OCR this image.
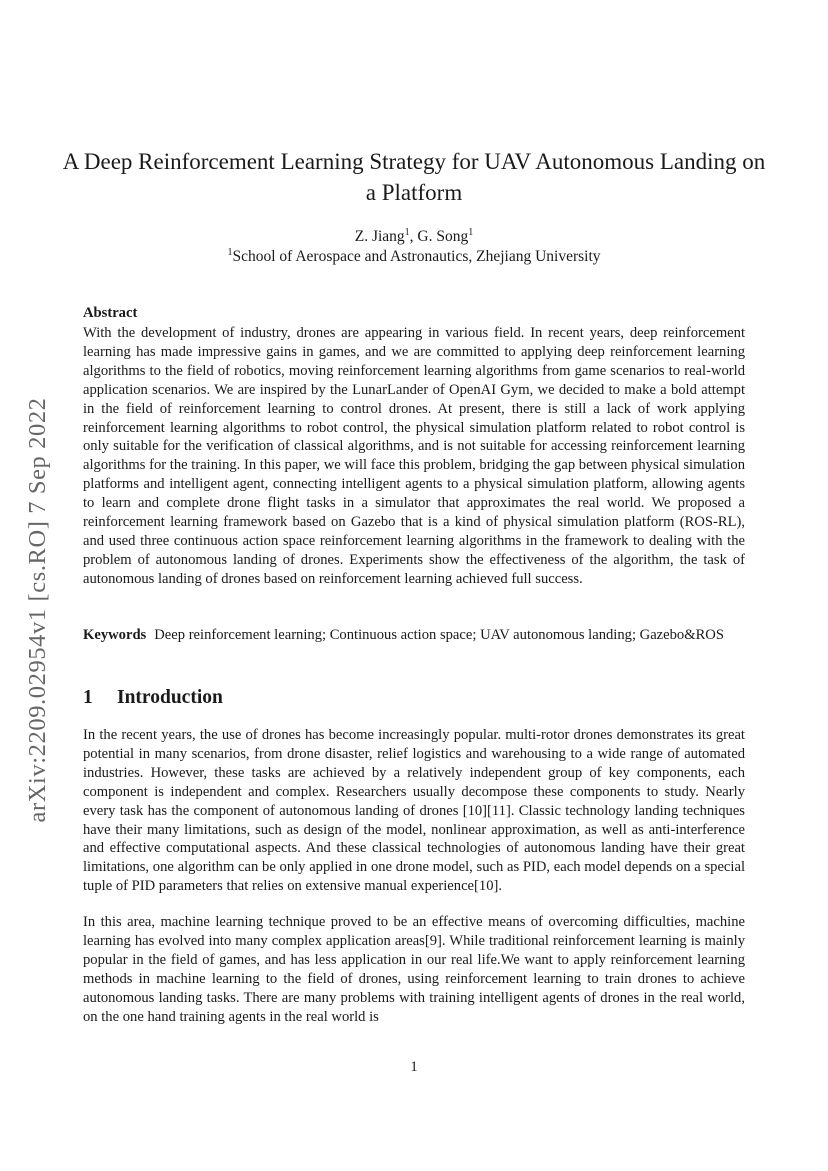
arXiv:2209.02954v1 [cs.RO] 7 Sep 2022
A Deep Reinforcement Learning Strategy for UAV Autonomous Landing on a Platform
Z. Jiang$^1$, G. Song$^1$
$^1$School of Aerospace and Astronautics, Zhejiang University
Abstract
With the development of industry, drones are appearing in various field. In recent years, deep reinforcement learning has made impressive gains in games, and we are committed to applying deep reinforcement learning algorithms to the field of robotics, moving reinforcement learning algorithms from game scenarios to real-world application scenarios. We are inspired by the LunarLander of OpenAI Gym, we decided to make a bold attempt in the field of reinforcement learning to control drones. At present, there is still a lack of work applying reinforcement learning algorithms to robot control, the physical simulation platform related to robot control is only suitable for the verification of classical algorithms, and is not suitable for accessing reinforcement learning algorithms for the training. In this paper, we will face this problem, bridging the gap between physical simulation platforms and intelligent agent, connecting intelligent agents to a physical simulation platform, allowing agents to learn and complete drone flight tasks in a simulator that approximates the real world. We proposed a reinforcement learning framework based on Gazebo that is a kind of physical simulation platform (ROS-RL), and used three continuous action space reinforcement learning algorithms in the framework to dealing with the problem of autonomous landing of drones. Experiments show the effectiveness of the algorithm, the task of autonomous landing of drones based on reinforcement learning achieved full success.
Keywords Deep reinforcement learning; Continuous action space; UAV autonomous landing; Gazebo&ROS
1 Introduction
In the recent years, the use of drones has become increasingly popular. multi-rotor drones demonstrates its great potential in many scenarios, from drone disaster, relief logistics and warehousing to a wide range of automated industries. However, these tasks are achieved by a relatively independent group of key components, each component is independent and complex. Researchers usually decompose these components to study. Nearly every task has the component of autonomous landing of drones [10][11]. Classic technology landing techniques have their many limitations, such as design of the model, nonlinear approximation, as well as anti-interference and effective computational aspects. And these classical technologies of autonomous landing have their great limitations, one algorithm can be only applied in one drone model, such as PID, each model depends on a special tuple of PID parameters that relies on extensive manual experience[10].
In this area, machine learning technique proved to be an effective means of overcoming difficulties, machine learning has evolved into many complex application areas[9]. While traditional reinforcement learning is mainly popular in the field of games, and has less application in our real life.We want to apply reinforcement learning methods in machine learning to the field of drones, using reinforcement learning to train drones to achieve autonomous landing tasks. There are many problems with training intelligent agents of drones in the real world, on the one hand training agents in the real world is
1
